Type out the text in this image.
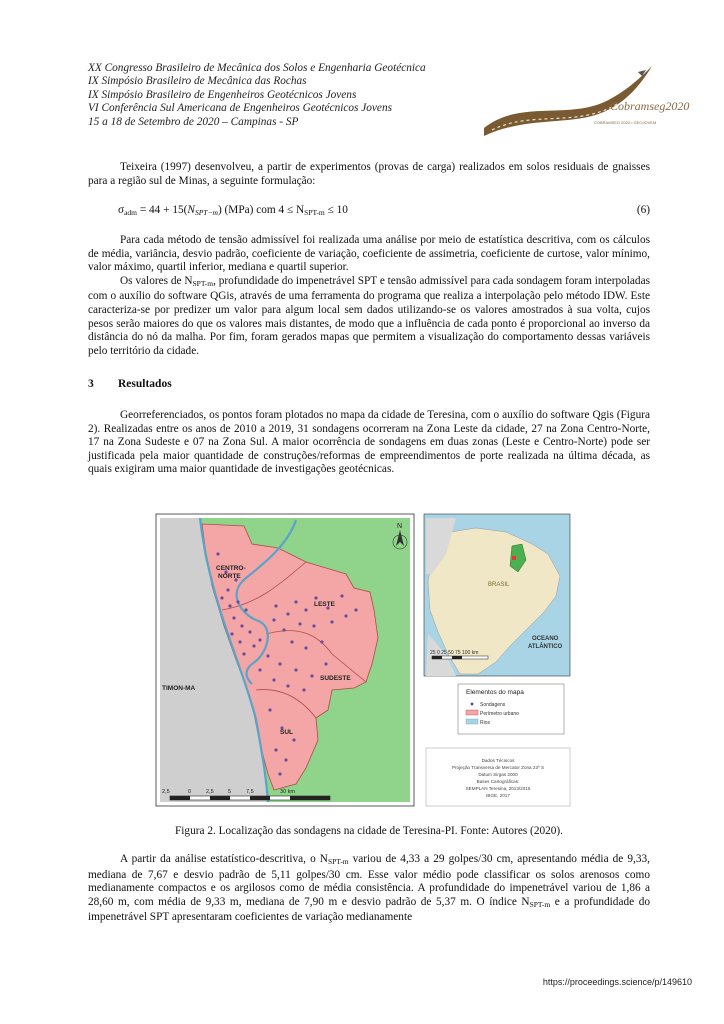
XX Congresso Brasileiro de Mecânica dos Solos e Engenharia Geotécnica
IX Simpósio Brasileiro de Mecânica das Rochas
IX Simpósio Brasileiro de Engenheiros Geotécnicos Jovens
VI Conferência Sul Americana de Engenheiros Geotécnicos Jovens
15 a 18 de Setembro de 2020 – Campinas - SP
Cobramseg2020
COBRAMSEG 2020 • GEOJOVEM

Teixeira (1997) desenvolveu, a partir de experimentos (provas de carga) realizados em solos residuais de gnaisses para a região sul de Minas, a seguinte formulação:

$\sigma_{adm} = 44 + 15(N_{SPT-m})$ (MPa) com $4 \le N_{SPT-m} \le 10$	(6)

Para cada método de tensão admissível foi realizada uma análise por meio de estatística descritiva, com os cálculos de média, variância, desvio padrão, coeficiente de variação, coeficiente de assimetria, coeficiente de curtose, valor mínimo, valor máximo, quartil inferior, mediana e quartil superior.

Os valores de $N_{SPT-m}$, profundidade do impenetrável SPT e tensão admissível para cada sondagem foram interpoladas com o auxílio do software QGis, através de uma ferramenta do programa que realiza a interpolação pelo método IDW. Este caracteriza-se por predizer um valor para algum local sem dados utilizando-se os valores amostrados à sua volta, cujos pesos serão maiores do que os valores mais distantes, de modo que a influência de cada ponto é proporcional ao inverso da distância do nó da malha. Por fim, foram gerados mapas que permitem a visualização do comportamento dessas variáveis pelo território da cidade.

3 Resultados

Georreferenciados, os pontos foram plotados no mapa da cidade de Teresina, com o auxílio do software Qgis (Figura 2). Realizadas entre os anos de 2010 a 2019, 31 sondagens ocorreram na Zona Leste da cidade, 27 na Zona Centro-Norte, 17 na Zona Sudeste e 07 na Zona Sul. A maior ocorrência de sondagens em duas zonas (Leste e Centro-Norte) pode ser justificada pela maior quantidade de construções/reformas de empreendimentos de porte realizada na última década, as quais exigiram uma maior quantidade de investigações geotécnicas.

CENTRO-
NORTE
LESTE
SUDESTE
SUL
TIMON-MA
N
2,5	0	2,5	5	7,5	30 km
BRASIL
OCEANO
ATLÂNTICO
25 0 25 50 75 100 km
Elementos do mapa
Sondagens
Perímetro urbano
Rios
Dados Técnicos
Projeção Transversa de Mercator Zona 23º S
Datum Sirgas 2000
Bases Cartográficas:
SEMPLAN Teresina, 2013/2015
IBGE, 2017
Figura 2. Localização das sondagens na cidade de Teresina-PI. Fonte: Autores (2020).

A partir da análise estatístico-descritiva, o $N_{SPT-m}$ variou de 4,33 a 29 golpes/30 cm, apresentando média de 9,33, mediana de 7,67 e desvio padrão de 5,11 golpes/30 cm. Esse valor médio pode classificar os solos arenosos como medianamente compactos e os argilosos como de média consistência. A profundidade do impenetrável variou de 1,86 a 28,60 m, com média de 9,33 m, mediana de 7,90 m e desvio padrão de 5,37 m. O índice $N_{SPT-m}$ e a profundidade do impenetrável SPT apresentaram coeficientes de variação medianamente

https://proceedings.science/p/149610
